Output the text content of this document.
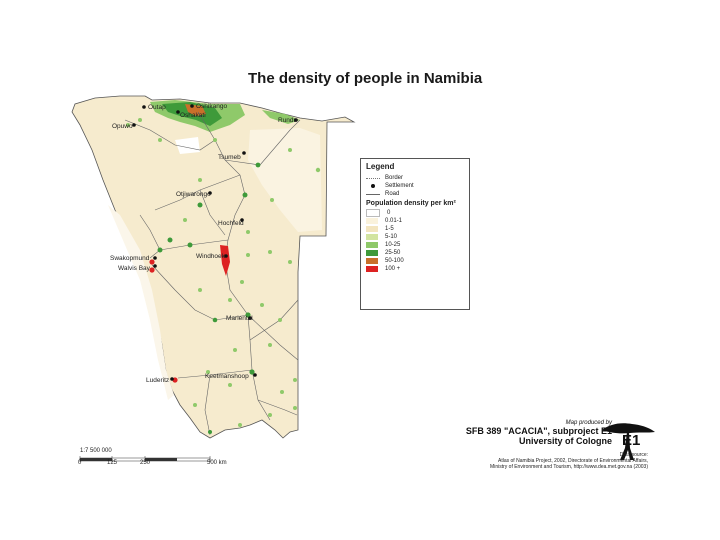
The density of people in Namibia
Outap	Oshikango
Oshakati
Opuwo
Rundu
Tsumeb
Otjiwarongo
Hochfeld
Swakopmund
Walvis Bay
Windhoek
Mariental
Keetmanshoop
Luderitz
Legend
Border
Settlement
Road
Population density per km²
0
0.01-1
1-5
5-10
10-25
25-50
50-100
100 +
Map produced by
SFB 389 "ACACIA", subproject E1
University of Cologne E1
Data source:
Atlas of Namibia Project, 2002, Directorate of Environmental Affairs,
Ministry of Environment and Tourism, http://www.dea.met.gov.na (2003)
1:7 500 000
0	125	250	500 km
